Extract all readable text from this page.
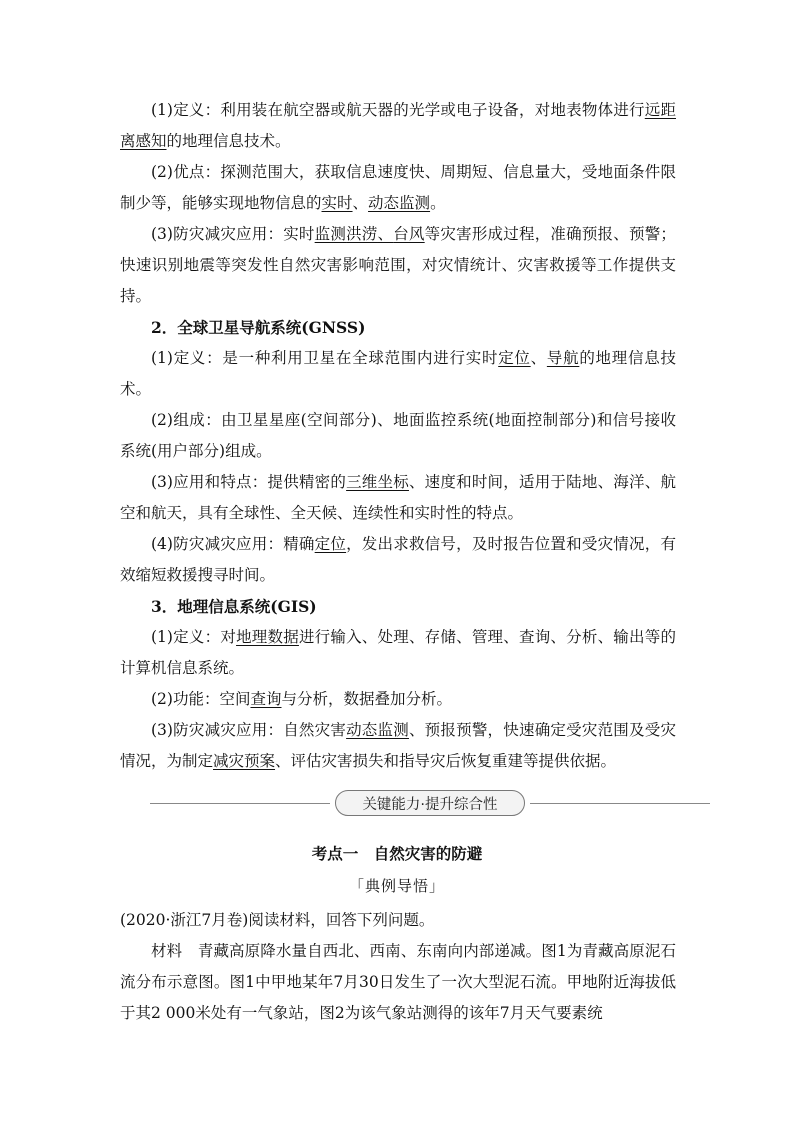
(1)定义：利用装在航空器或航天器的光学或电子设备，对地表物体进行远距离感知的地理信息技术。
(2)优点：探测范围大，获取信息速度快、周期短、信息量大，受地面条件限制少等，能够实现地物信息的实时、动态监测。
(3)防灾减灾应用：实时监测洪涝、台风等灾害形成过程，准确预报、预警；快速识别地震等突发性自然灾害影响范围，对灾情统计、灾害救援等工作提供支持。
2．全球卫星导航系统(GNSS)
(1)定义：是一种利用卫星在全球范围内进行实时定位、导航的地理信息技术。
(2)组成：由卫星星座(空间部分)、地面监控系统(地面控制部分)和信号接收系统(用户部分)组成。
(3)应用和特点：提供精密的三维坐标、速度和时间，适用于陆地、海洋、航空和航天，具有全球性、全天候、连续性和实时性的特点。
(4)防灾减灾应用：精确定位，发出求救信号，及时报告位置和受灾情况，有效缩短救援搜寻时间。
3．地理信息系统(GIS)
(1)定义：对地理数据进行输入、处理、存储、管理、查询、分析、输出等的计算机信息系统。
(2)功能：空间查询与分析，数据叠加分析。
(3)防灾减灾应用：自然灾害动态监测、预报预警，快速确定受灾范围及受灾情况，为制定减灾预案、评估灾害损失和指导灾后恢复重建等提供依据。
关键能力·提升综合性
考点一　自然灾害的防避
「典例导悟」
(2020·浙江7月卷)阅读材料，回答下列问题。
材料　青藏高原降水量自西北、西南、东南向内部递减。图1为青藏高原泥石流分布示意图。图1中甲地某年7月30日发生了一次大型泥石流。甲地附近海拔低于其2 000米处有一气象站，图2为该气象站测得的该年7月天气要素统
